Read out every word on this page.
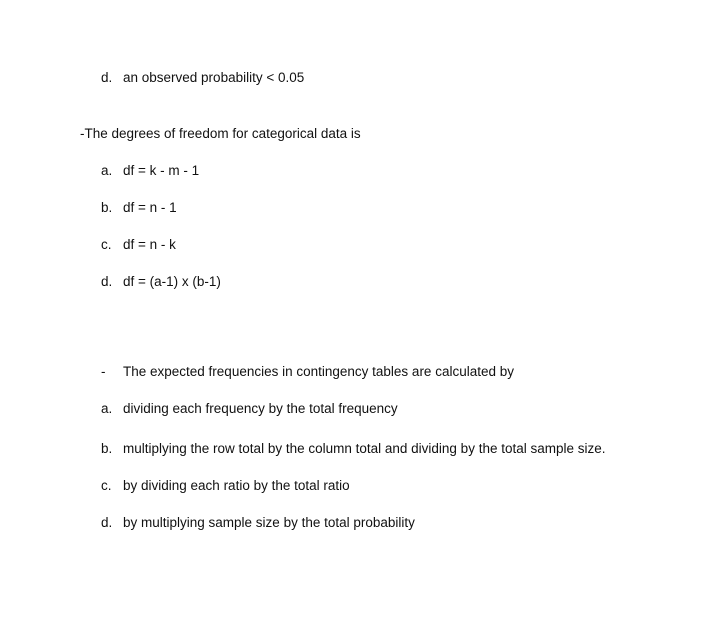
d. an observed probability < 0.05
-The degrees of freedom for categorical data is
a. df = k - m - 1
b. df = n - 1
c. df = n - k
d. df = (a-1) x (b-1)
- The expected frequencies in contingency tables are calculated by
a. dividing each frequency by the total frequency
b. multiplying the row total by the column total and dividing by the total sample size.
c. by dividing each ratio by the total ratio
d. by multiplying sample size by the total probability
